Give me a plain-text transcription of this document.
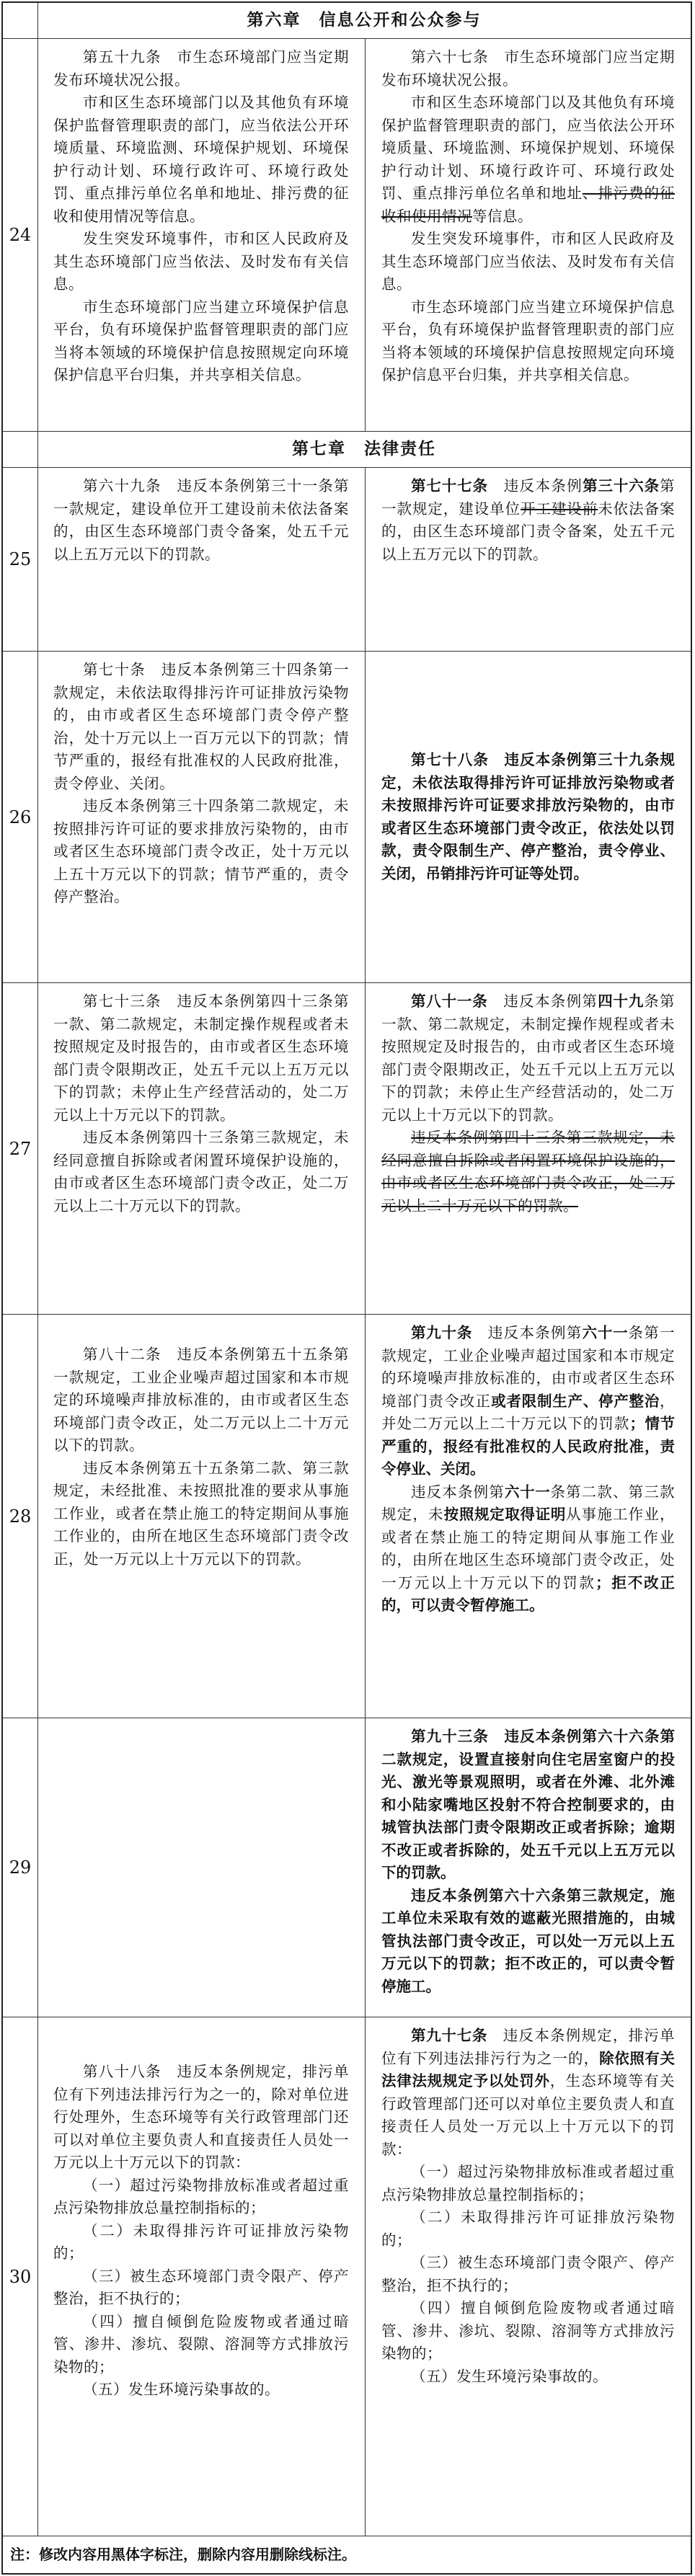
第六章　信息公开和公众参与
24

第五十九条　市生态环境部门应当定期发布环境状况公报。

市和区生态环境部门以及其他负有环境保护监督管理职责的部门，应当依法公开环境质量、环境监测、环境保护规划、环境保护行动计划、环境行政许可、环境行政处罚、重点排污单位名单和地址、排污费的征收和使用情况等信息。

发生突发环境事件，市和区人民政府及其生态环境部门应当依法、及时发布有关信息。

市生态环境部门应当建立环境保护信息平台，负有环境保护监督管理职责的部门应当将本领域的环境保护信息按照规定向环境保护信息平台归集，并共享相关信息。

第六十七条　市生态环境部门应当定期发布环境状况公报。

市和区生态环境部门以及其他负有环境保护监督管理职责的部门，应当依法公开环境质量、环境监测、环境保护规划、环境保护行动计划、环境行政许可、环境行政处罚、重点排污单位名单和地址、排污费的征收和使用情况等信息。

发生突发环境事件，市和区人民政府及其生态环境部门应当依法、及时发布有关信息。

市生态环境部门应当建立环境保护信息平台，负有环境保护监督管理职责的部门应当将本领域的环境保护信息按照规定向环境保护信息平台归集，并共享相关信息。

第七章　法律责任
25

第六十九条　违反本条例第三十一条第一款规定，建设单位开工建设前未依法备案的，由区生态环境部门责令备案，处五千元以上五万元以下的罚款。

第七十七条　违反本条例第三十六条第一款规定，建设单位开工建设前未依法备案的，由区生态环境部门责令备案，处五千元以上五万元以下的罚款。

26

第七十条　违反本条例第三十四条第一款规定，未依法取得排污许可证排放污染物的，由市或者区生态环境部门责令停产整治，处十万元以上一百万元以下的罚款；情节严重的，报经有批准权的人民政府批准，责令停业、关闭。

违反本条例第三十四条第二款规定，未按照排污许可证的要求排放污染物的，由市或者区生态环境部门责令改正，处十万元以上五十万元以下的罚款；情节严重的，责令停产整治。

第七十八条　违反本条例第三十九条规定，未依法取得排污许可证排放污染物或者未按照排污许可证要求排放污染物的，由市或者区生态环境部门责令改正，依法处以罚款，责令限制生产、停产整治，责令停业、关闭，吊销排污许可证等处罚。

27

第七十三条　违反本条例第四十三条第一款、第二款规定，未制定操作规程或者未按照规定及时报告的，由市或者区生态环境部门责令限期改正，处五千元以上五万元以下的罚款；未停止生产经营活动的，处二万元以上十万元以下的罚款。

违反本条例第四十三条第三款规定，未经同意擅自拆除或者闲置环境保护设施的，由市或者区生态环境部门责令改正，处二万元以上二十万元以下的罚款。

第八十一条　违反本条例第四十九条第一款、第二款规定，未制定操作规程或者未按照规定及时报告的，由市或者区生态环境部门责令限期改正，处五千元以上五万元以下的罚款；未停止生产经营活动的，处二万元以上十万元以下的罚款。

违反本条例第四十三条第三款规定，未经同意擅自拆除或者闲置环境保护设施的，由市或者区生态环境部门责令改正，处二万元以上二十万元以下的罚款。

28

第八十二条　违反本条例第五十五条第一款规定，工业企业噪声超过国家和本市规定的环境噪声排放标准的，由市或者区生态环境部门责令改正，处二万元以上二十万元以下的罚款。

违反本条例第五十五条第二款、第三款规定，未经批准、未按照批准的要求从事施工作业，或者在禁止施工的特定期间从事施工作业的，由所在地区生态环境部门责令改正，处一万元以上十万元以下的罚款。

第九十条　违反本条例第六十一条第一款规定，工业企业噪声超过国家和本市规定的环境噪声排放标准的，由市或者区生态环境部门责令改正或者限制生产、停产整治，并处二万元以上二十万元以下的罚款；情节严重的，报经有批准权的人民政府批准，责令停业、关闭。

违反本条例第六十一条第二款、第三款规定，未按照规定取得证明从事施工作业，或者在禁止施工的特定期间从事施工作业的，由所在地区生态环境部门责令改正，处一万元以上十万元以下的罚款；拒不改正的，可以责令暂停施工。

29

第九十三条　违反本条例第六十六条第二款规定，设置直接射向住宅居室窗户的投光、激光等景观照明，或者在外滩、北外滩和小陆家嘴地区投射不符合控制要求的，由城管执法部门责令限期改正或者拆除；逾期不改正或者拆除的，处五千元以上五万元以下的罚款。

违反本条例第六十六条第三款规定，施工单位未采取有效的遮蔽光照措施的，由城管执法部门责令改正，可以处一万元以上五万元以下的罚款；拒不改正的，可以责令暂停施工。

30

第八十八条　违反本条例规定，排污单位有下列违法排污行为之一的，除对单位进行处理外，生态环境等有关行政管理部门还可以对单位主要负责人和直接责任人员处一万元以上十万元以下的罚款：

（一）超过污染物排放标准或者超过重点污染物排放总量控制指标的；

（二）未取得排污许可证排放污染物的；

（三）被生态环境部门责令限产、停产整治，拒不执行的；

（四）擅自倾倒危险废物或者通过暗管、渗井、渗坑、裂隙、溶洞等方式排放污染物的；

（五）发生环境污染事故的。

第九十七条　违反本条例规定，排污单位有下列违法排污行为之一的，除依照有关法律法规规定予以处罚外，生态环境等有关行政管理部门还可以对单位主要负责人和直接责任人员处一万元以上十万元以下的罚款：

（一）超过污染物排放标准或者超过重点污染物排放总量控制指标的；

（二）未取得排污许可证排放污染物的；

（三）被生态环境部门责令限产、停产整治，拒不执行的；

（四）擅自倾倒危险废物或者通过暗管、渗井、渗坑、裂隙、溶洞等方式排放污染物的；

（五）发生环境污染事故的。

注：修改内容用黑体字标注，删除内容用删除线标注。
